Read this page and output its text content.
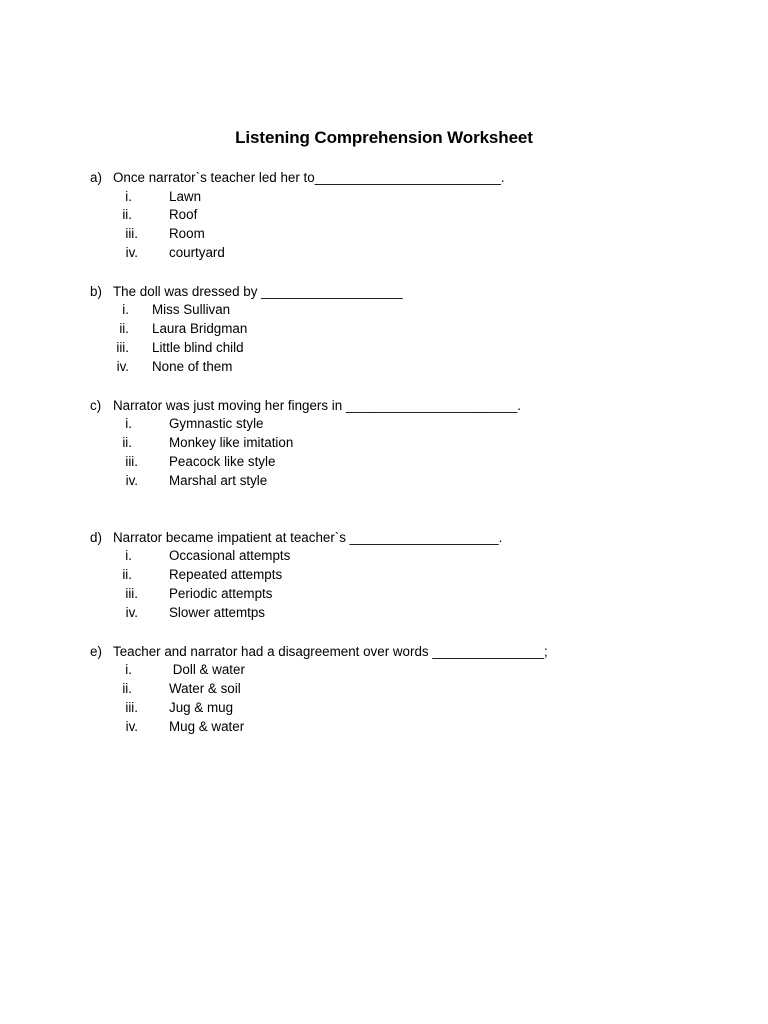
Listening Comprehension Worksheet
a) Once narrator`s teacher led her to_________________________.
i.	Lawn
ii.	Roof
iii. Room
iv. courtyard
b) The doll was dressed by ___________________
i. Miss Sullivan
ii. Laura Bridgman
iii. Little blind child
iv. None of them
c) Narrator was just moving her fingers in _______________________.
i.	Gymnastic style
ii.	Monkey like imitation
iii. Peacock like style
iv. Marshal art style
d) Narrator became impatient at teacher`s ____________________.
i.	Occasional attempts
ii.	Repeated attempts
iii. Periodic attempts
iv. Slower attemtps
e) Teacher and narrator had a disagreement over words _______________;
i.	Doll & water
ii.	Water & soil
iii. Jug & mug
iv. Mug & water
